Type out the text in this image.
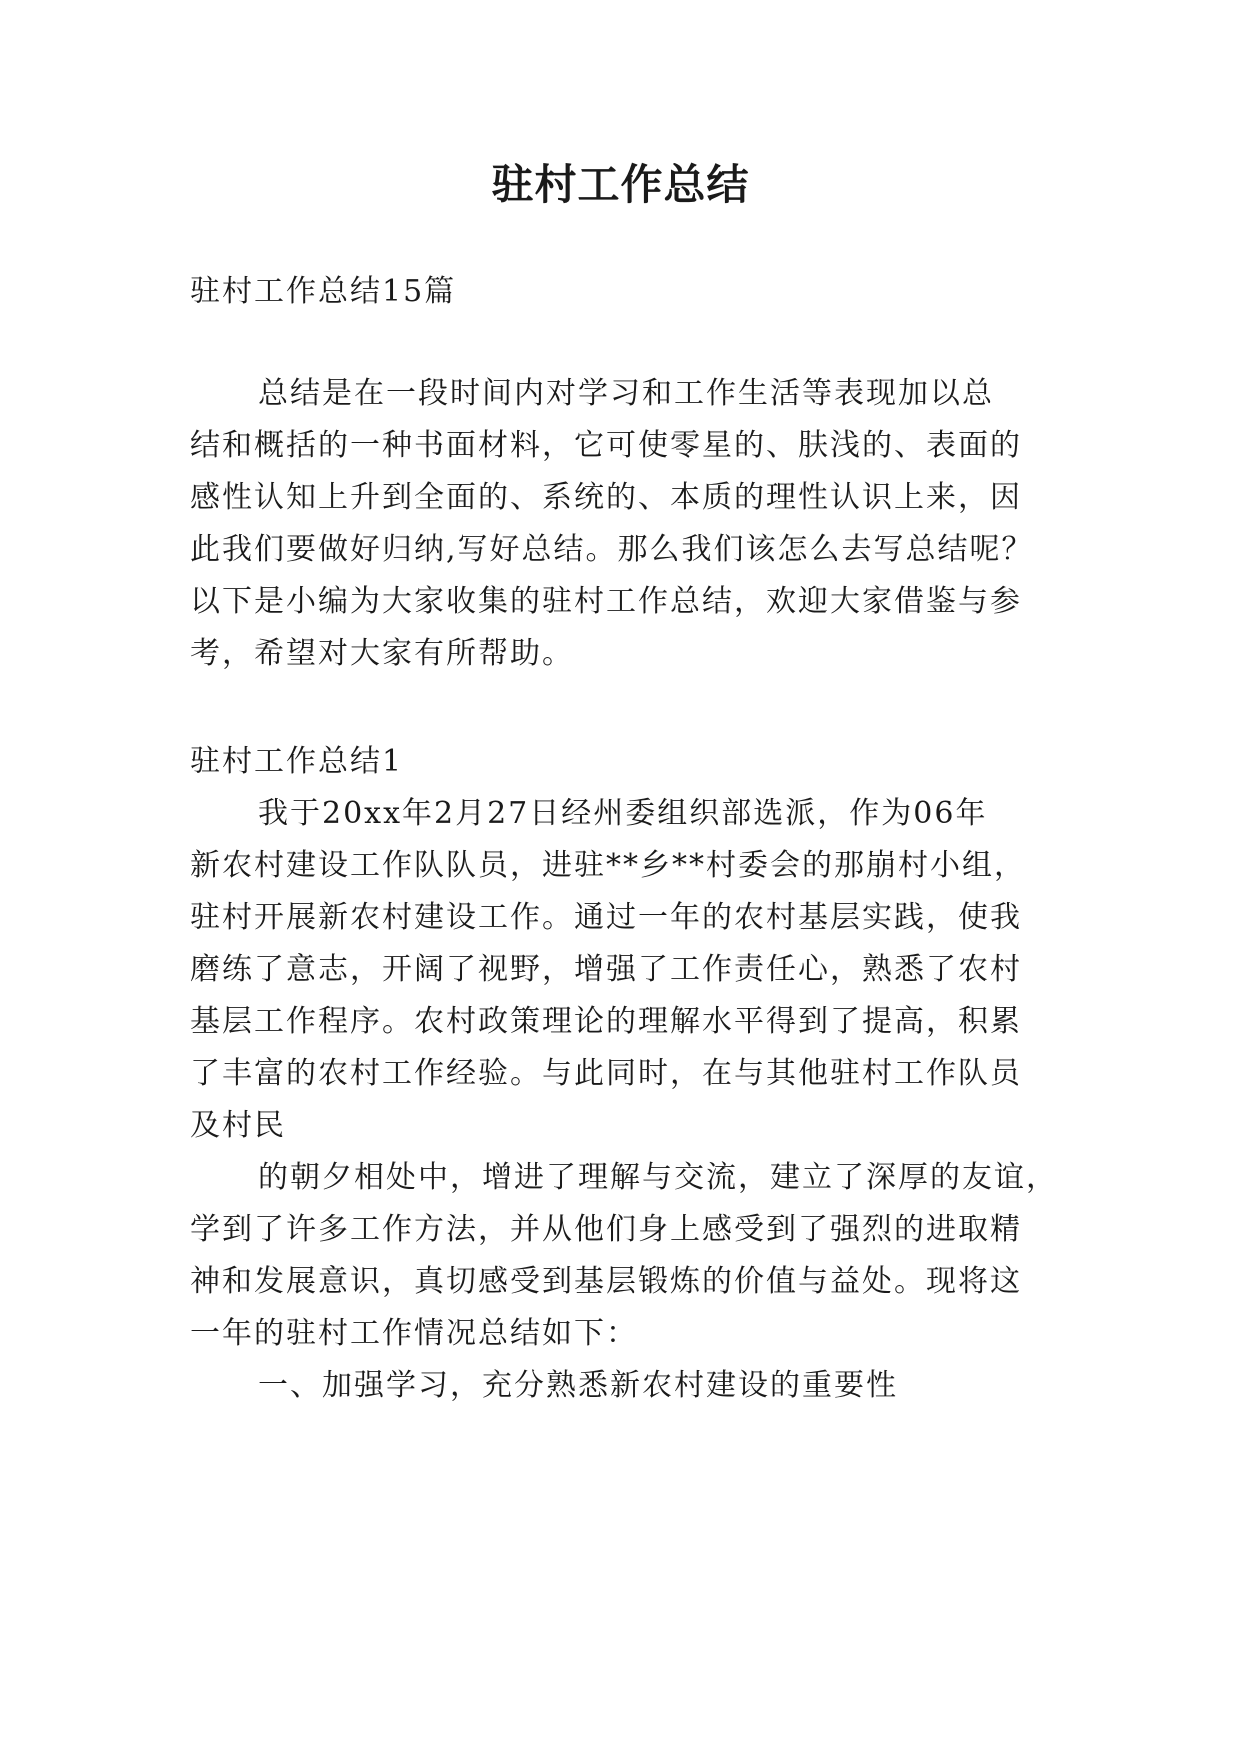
驻村工作总结
驻村工作总结15篇
总结是在一段时间内对学习和工作生活等表现加以总
结和概括的一种书面材料，它可使零星的、肤浅的、表面的
感性认知上升到全面的、系统的、本质的理性认识上来，因
此我们要做好归纳,写好总结。那么我们该怎么去写总结呢？
以下是小编为大家收集的驻村工作总结，欢迎大家借鉴与参
考，希望对大家有所帮助。
驻村工作总结1
我于20xx年2月27日经州委组织部选派，作为06年
新农村建设工作队队员，进驻**乡**村委会的那崩村小组，
驻村开展新农村建设工作。通过一年的农村基层实践，使我
磨练了意志，开阔了视野，增强了工作责任心，熟悉了农村
基层工作程序。农村政策理论的理解水平得到了提高，积累
了丰富的农村工作经验。与此同时，在与其他驻村工作队员
及村民
的朝夕相处中，增进了理解与交流，建立了深厚的友谊，
学到了许多工作方法，并从他们身上感受到了强烈的进取精
神和发展意识，真切感受到基层锻炼的价值与益处。现将这
一年的驻村工作情况总结如下：
一、加强学习，充分熟悉新农村建设的重要性
